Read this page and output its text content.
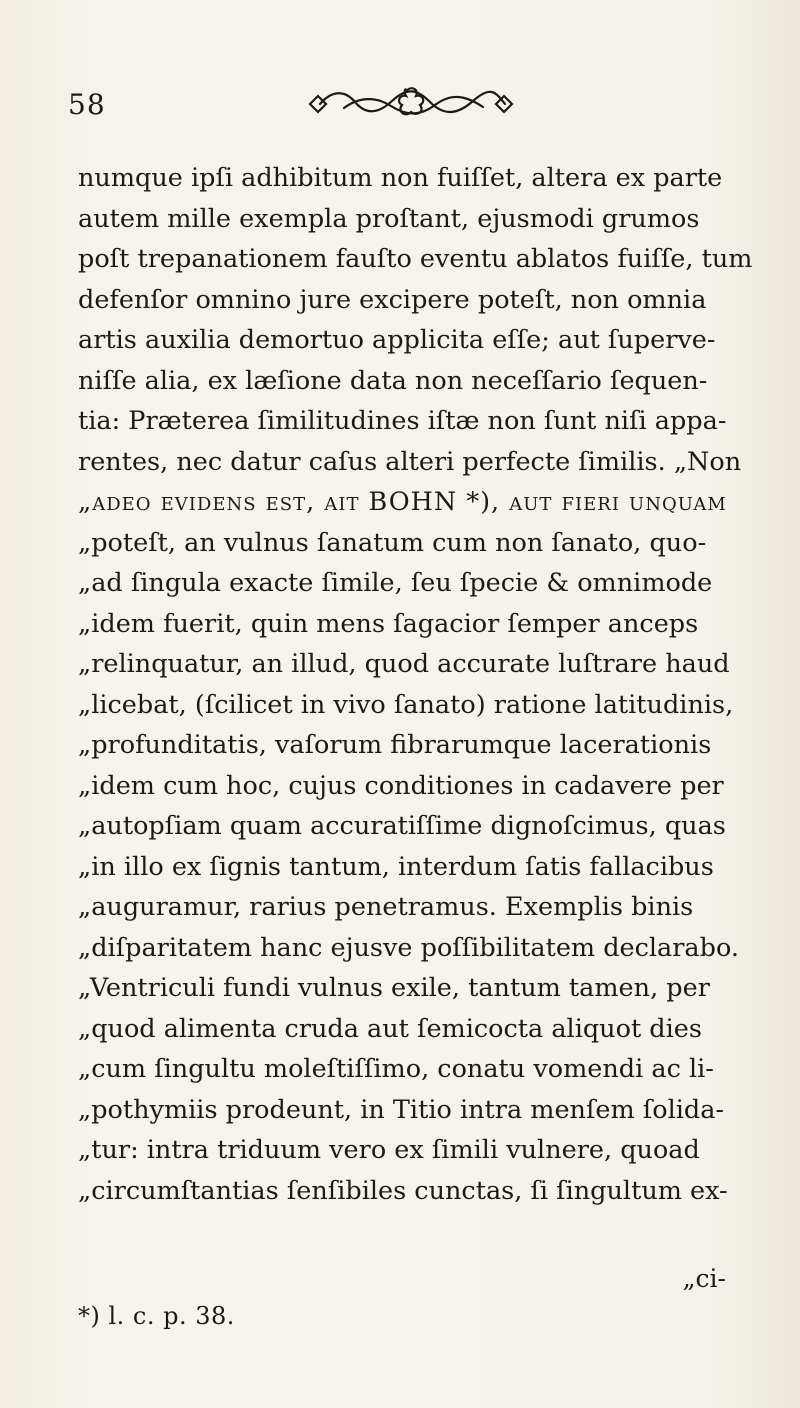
58
numque ipſi adhibitum non fuiſſet, altera ex parte
autem mille exempla proſtant, ejusmodi grumos
poſt trepanationem fauſto eventu ablatos fuiſſe, tum
defenſor omnino jure excipere poteſt, non omnia
artis auxilia demortuo applicita eſſe; aut ſuperve-
niſſe alia, ex læſione data non neceſſario ſequen-
tia: Præterea ſimilitudines iſtæ non ſunt niſi appa-
rentes, nec datur caſus alteri perfecte ſimilis. „Non
„adeo evidens eſt, ait BOHN *), aut fieri unquam
„poteſt, an vulnus ſanatum cum non ſanato, quo-
„ad ſingula exacte ſimile, ſeu ſpecie & omnimode
„idem fuerit, quin mens ſagacior ſemper anceps
„relinquatur, an illud, quod accurate luſtrare haud
„licebat, (ſcilicet in vivo ſanato) ratione latitudinis,
„profunditatis, vaſorum fibrarumque lacerationis
„idem cum hoc, cujus conditiones in cadavere per
„autopſiam quam accuratiſſime dignoſcimus, quas
„in illo ex ſignis tantum, interdum ſatis fallacibus
„auguramur, rarius penetramus. Exemplis binis
„diſparitatem hanc ejusve poſſibilitatem declarabo.
„Ventriculi fundi vulnus exile, tantum tamen, per
„quod alimenta cruda aut ſemicocta aliquot dies
„cum ſingultu moleſtiſſimo, conatu vomendi ac li-
„pothymiis prodeunt, in Titio intra menſem ſolida-
„tur: intra triduum vero ex ſimili vulnere, quoad
„circumſtantias ſenſibiles cunctas, ſi ſingultum ex-
„ci-
*) l. c. p. 38.
